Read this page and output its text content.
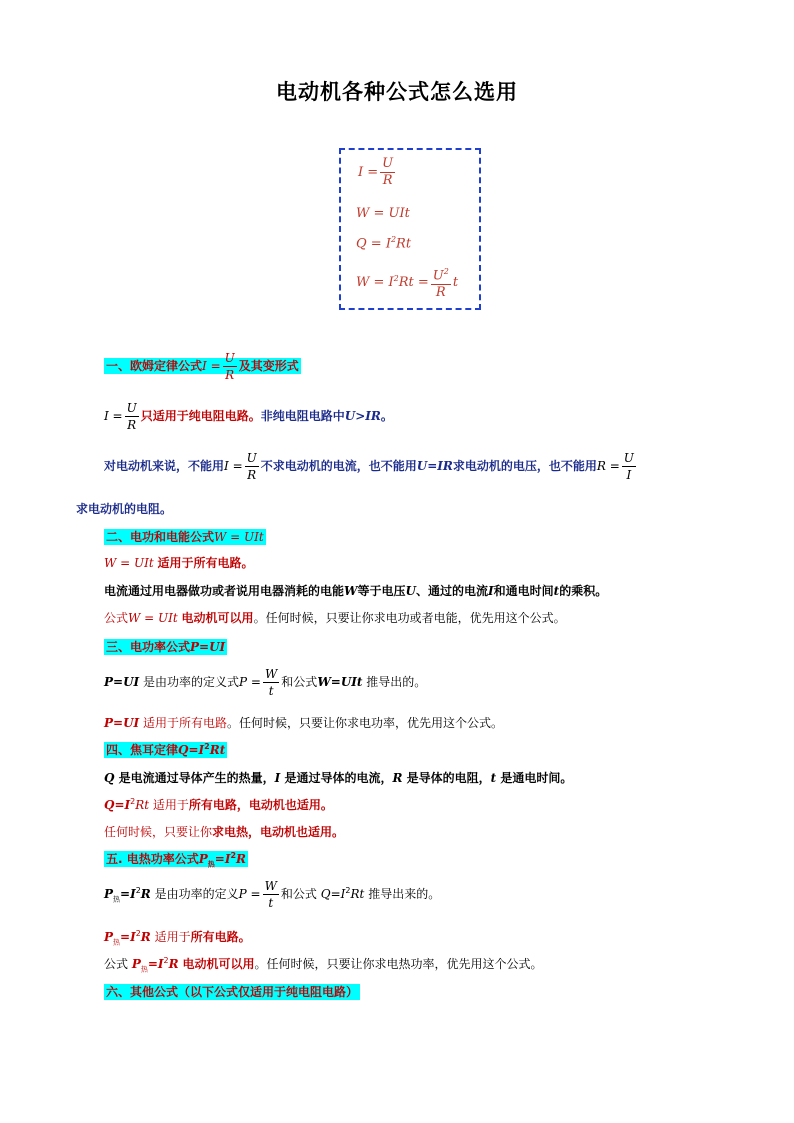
电动机各种公式怎么选用
$I = \frac{U}{R}$
W = UIt
$Q = I^2Rt$
$W = I^2Rt = \frac{U^2}{R}$ t
一、欧姆定律公式$I = \frac{U}{R}$ 及其变形式
$I = \frac{U}{R}$ 只适用于纯电阻电路。非纯电阻电路中U>IR。
对电动机来说，不能用$I = \frac{U}{R}$ 不求电动机的电流，也不能用U=IR求电动机的电压，也不能用$R = \frac{U}{I}$
求电动机的电阻。
二、电功和电能公式W = UIt
W = UIt 适用于所有电路。
电流通过用电器做功或者说用电器消耗的电能W等于电压U、通过的电流I和通电时间t的乘积。
公式W = UIt 电动机可以用。任何时候，只要让你求电功或者电能，优先用这个公式。
三、电功率公式P=UI
P=UI 是由功率的定义式$P = \frac{W}{t}$ 和公式W=UIt 推导出的。
P=UI 适用于所有电路。任何时候，只要让你求电功率，优先用这个公式。
四、焦耳定律$Q=I^2Rt$
Q 是电流通过导体产生的热量，I 是通过导体的电流，R 是导体的电阻，t 是通电时间。
$Q=I^2Rt$ 适用于所有电路，电动机也适用。
任何时候，只要让你求电热，电动机也适用。
五. 电热功率公式$P_热=I^2R$
$P_热=I^2R$ 是由功率的定义$P = \frac{W}{t}$ 和公式 $Q=I^2Rt$ 推导出来的。
$P_热=I^2R$ 适用于所有电路。
公式 $P_热=I^2R$ 电动机可以用。任何时候，只要让你求电热功率，优先用这个公式。
六、其他公式（以下公式仅适用于纯电阻电路）
